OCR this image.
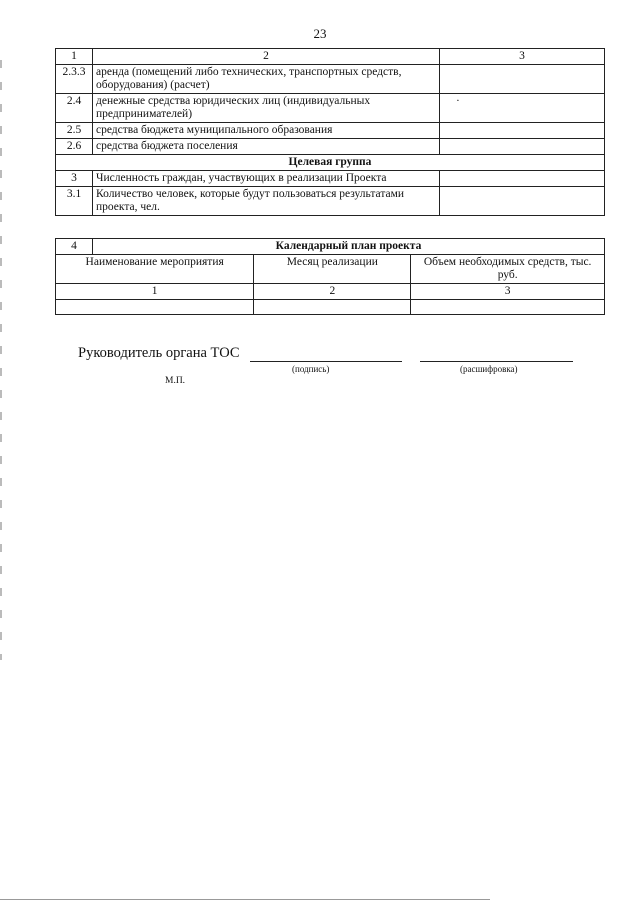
23
1	2	3
2.3.3	аренда (помещений либо технических, транспортных средств, оборудования) (расчет)	
2.4	денежные средства юридических лиц (индивидуальных предпринимателей)	·
2.5	средства бюджета муниципального образования	
2.6	средства бюджета поселения	
Целевая группа		
3	Численность граждан, участвующих в реализации Проекта	
3.1	Количество человек, которые будут пользоваться результатами проекта, чел.	
4	Календарный план проекта		
Наименование мероприятия		Месяц реализации	Объем необходимых средств, тыс. руб.
1		2	3

Руководитель органа ТОС
(подпись)	(расшифровка)
М.П.
